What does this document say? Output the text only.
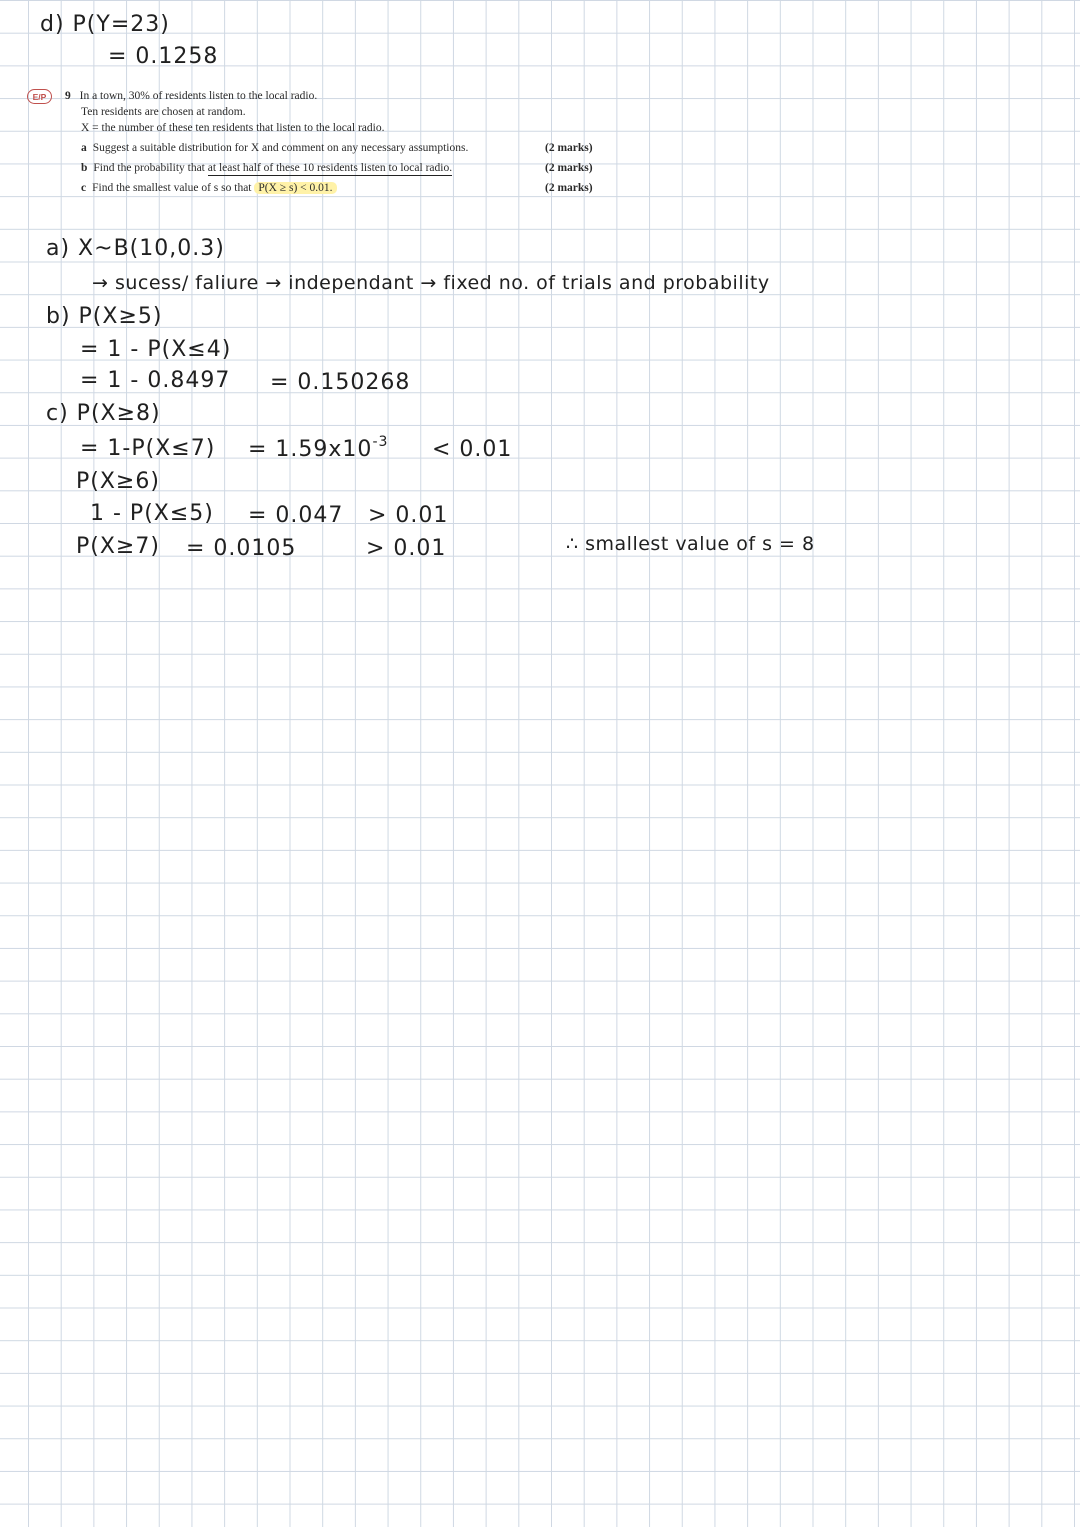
d) P(Y=23)
= 0.1258
E/P	9 In a town, 30% of residents listen to the local radio.
Ten residents are chosen at random.
X = the number of these ten residents that listen to the local radio.
a Suggest a suitable distribution for X and comment on any necessary assumptions.	(2 marks)
b Find the probability that at least half of these 10 residents listen to local radio.	(2 marks)
c Find the smallest value of s so that P(X ≥ s) < 0.01.	(2 marks)
a) X~B(10,0.3)
→ sucess/ faliure → independant → fixed no. of trials and probability
b) P(X≥5)
= 1 - P(X≤4)
= 1 - 0.8497 = 0.150268
c) P(X≥8)
= $1-P(X\le 7) = 1.59x10^{-3} < 0.01$
P(X≥6)
1 - P(X≤5) = 0.047 > 0.01
P(X≥7) = 0.0105	> 0.01	∴ smallest value of s = 8
